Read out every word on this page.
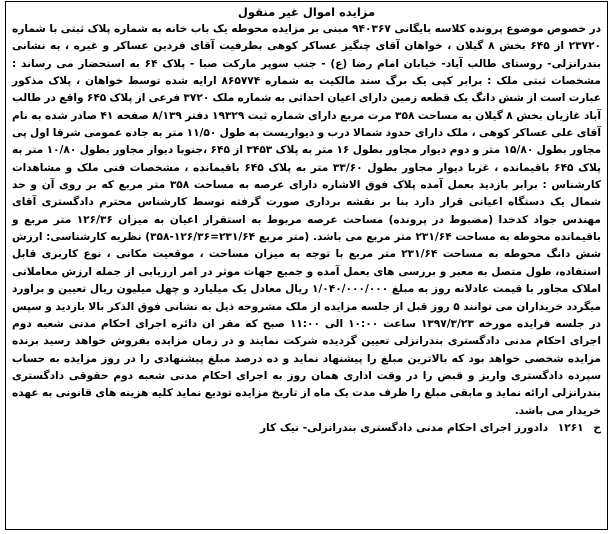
مزایده اموال غیر منقول

در خصوص موضوع پرونده کلاسه بایگانی ۹۴۰۳۶۷ مبنی بر مزایده محوطه یک باب خانه به شماره پلاک ثبتی با شماره ۲۳۷۲۰ از ۶۴۵ بخش ۸ گیلان ، خواهان آقای چنگیز عساکر کوهی بطرفیت آقای فردین عساکر و غیره ، به نشانی بندرانزلی- روستای طالب آباد- خیابان امام رضا (ع) - جنب سوپر مارکت صبا - پلاک ۶۴ به استحضار می رساند : مشخصات ثبتی ملک : برابر کپی یک برگ سند مالکیت به شماره ۸۶۵۷۷۴ ارایه شده توسط خواهان ، پلاک مذکور عبارت است از شش دانگ یک قطعه زمین دارای اعیان احداثی به شماره ملک ۳۷۲۰ فرعی از پلاک ۶۴۵ واقع در طالب آباد غازیان بخش ۸ گیلان به مساحت ۳۵۸ مرت مربع دارای شماره ثبت ۱۹۳۲۹ دفتر ۸/۱۳۹ صفحه ۴۱ صادر شده به نام آقای علی عساکر کوهی ، ملک دارای حدود شمالا درب و دیواریست به طول ۱۱/۵۰ متر به جاده عمومی شرقا اول پی مجاور بطول ۱۵/۸۰ متر و دوم دیوار مجاور بطول ۱۶ متر به پلاک ۳۴۵۳ از ۶۴۵ ،جنوبا دیوار مجاور بطول ۱۰/۸۰ متر به پلاک ۶۴۵ باقیمانده ، غربا دیوار مجاور بطول ۳۳/۶۰ متر به پلاک ۶۴۵ باقیمانده ، مشخصات فنی ملک و مشاهدات کارشناس : برابر بازدید بعمل آمده پلاک فوق الاشاره دارای عرصه به مساحت ۳۵۸ متر مربع که بر روی آن و حد شمال یک دستگاه اعیانی قرار دارد بنا بر نقشه برداری صورت گرفته توسط کارشناس محترم دادگستری آقای مهندس جواد کدخدا (مضبوط در پرونده) مساحت عرصه مربوط به استقرار اعیان به میزان ۱۲۶/۳۶ متر مربع و باقیمانده محوطه به مساحت ۲۳۱/۶۴ متر مربع می باشد. (متر مربع ۲۳۱/۶۴=۱۲۶/۳۶-۳۵۸) نظریه کارشناسی: ارزش شش دانگ محوطه به مساحت ۲۳۱/۶۴ متر مربع با توجه به میزان مساحت ، موقعیت مکانی ، نوع کاربری قابل استفاده، طول متصل به معبر و بررسی های بعمل آمده و جمیع جهات موثر در امر ارزیابی از جمله ارزش معاملاتی املاک مجاور با قیمت عادلانه روز به مبلغ ۱/۰۴۰/۰۰۰/۰۰۰ ریال معادل یک میلیارد و چهل میلیون ریال تعیین و براورد میگردد خریداران می توانند ۵ روز قبل از جلسه مزایده از ملک مشروحه ذیل به نشانی فوق الذکر بالا بازدید و سپس در جلسه فرایده مورخه ۱۳۹۷/۳/۲۳ ساعت ۱۰:۰۰ الی ۱۱:۰۰ صبح که مقر ان دائره اجرای احکام مدنی شعبه دوم اجرای احکام مدنی دادگستری بندرانزلی تعیین گردیده شرکت نمایند و در زمان مزایده بفروش خواهد رسید برنده مزایده شخصی خواهد بود که بالاترین مبلغ را پیشنهاد نماید و ده درصد مبلغ پیشنهادی را در روز مزایده به حساب سپرده دادگستری واریز و قبض را در وقت اداری همان روز به اجرای احکام مدنی شعبه دوم حقوقی دادگستری بندرانزلی ارائه نماید و مابقی مبلغ را ظرف مدت یک ماه از تاریخ مزایده تودیع نماید کلیه هزینه های قانونی به عهده خریدار می باشد.

ح ۱۲۶۱ دادورز اجرای احکام مدنی دادگستری بندرانزلی- نیک کار
